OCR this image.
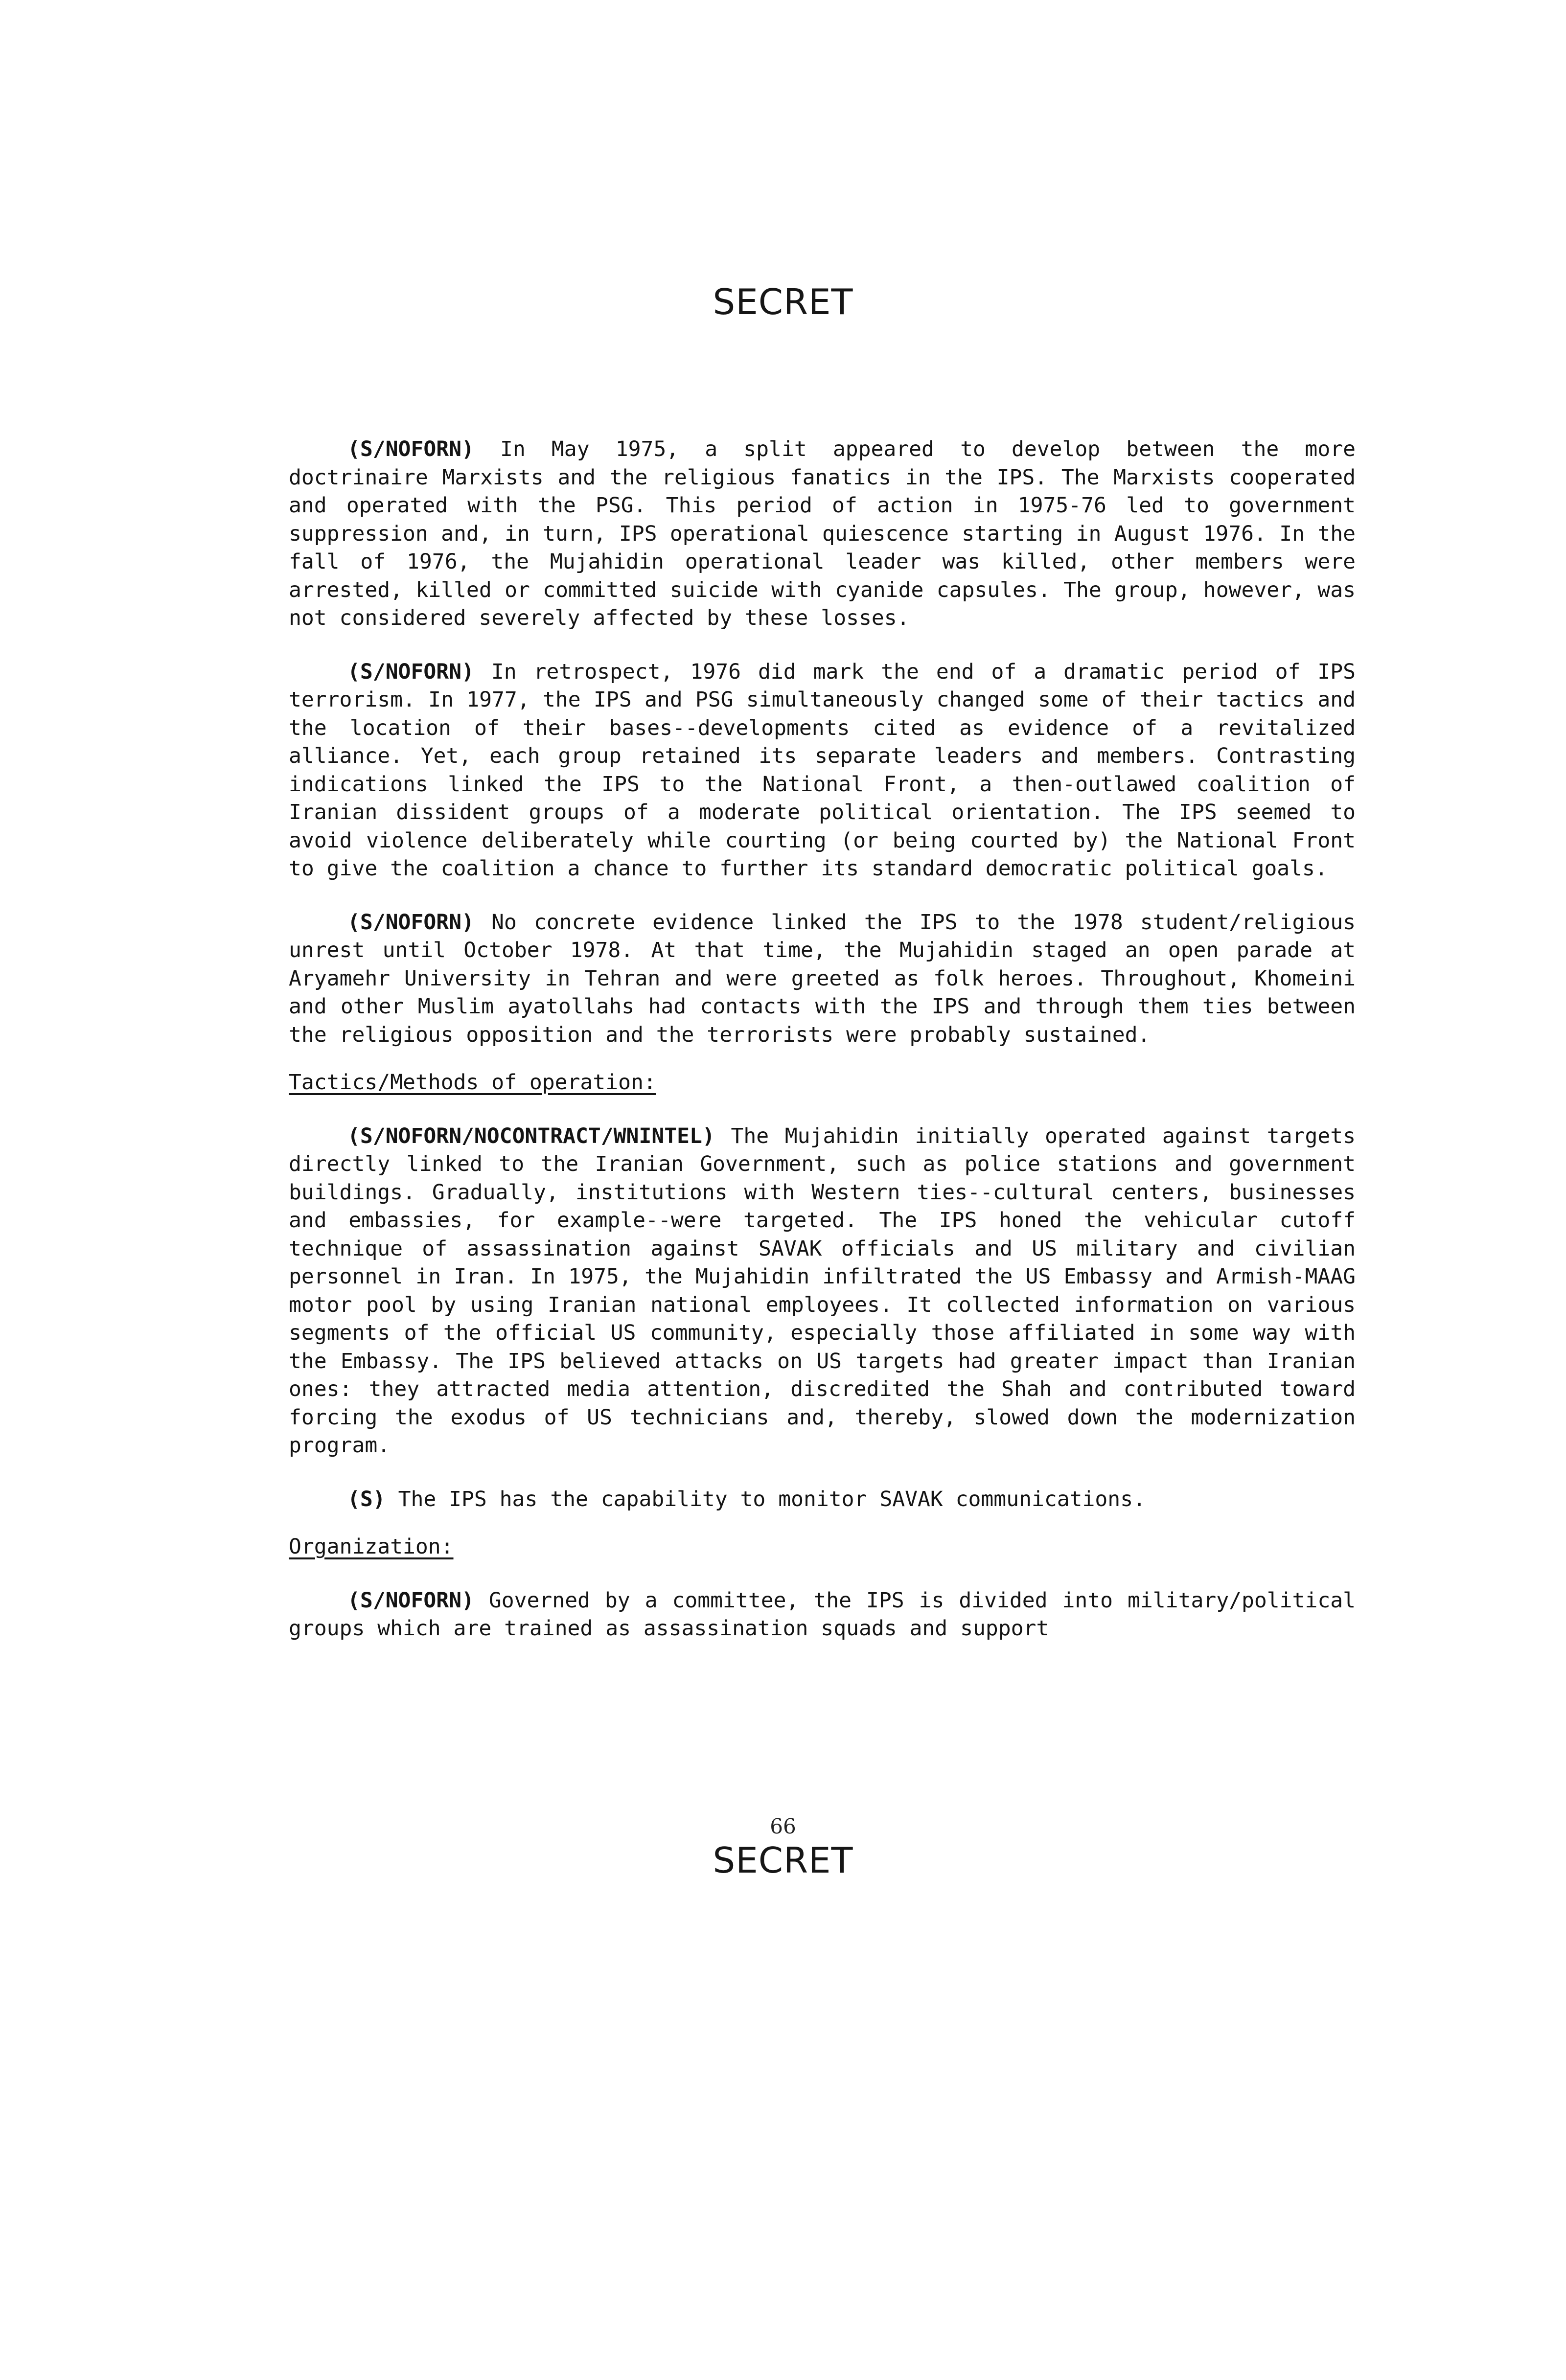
SECRET

(S/NOFORN) In May 1975, a split appeared to develop between the more doctrinaire Marxists and the religious fanatics in the IPS. The Marxists cooperated and operated with the PSG. This period of action in 1975-76 led to government suppression and, in turn, IPS operational quiescence starting in August 1976. In the fall of 1976, the Mujahidin operational leader was killed, other members were arrested, killed or committed suicide with cyanide capsules. The group, however, was not considered severely affected by these losses.

(S/NOFORN) In retrospect, 1976 did mark the end of a dramatic period of IPS terrorism. In 1977, the IPS and PSG simultaneously changed some of their tactics and the location of their bases--developments cited as evidence of a revitalized alliance. Yet, each group retained its separate leaders and members. Contrasting indications linked the IPS to the National Front, a then-outlawed coalition of Iranian dissident groups of a moderate political orientation. The IPS seemed to avoid violence deliberately while courting (or being courted by) the National Front to give the coalition a chance to further its standard democratic political goals.

(S/NOFORN) No concrete evidence linked the IPS to the 1978 student/religious unrest until October 1978. At that time, the Mujahidin staged an open parade at Aryamehr University in Tehran and were greeted as folk heroes. Throughout, Khomeini and other Muslim ayatollahs had contacts with the IPS and through them ties between the religious opposition and the terrorists were probably sustained.

Tactics/Methods of operation:

(S/NOFORN/NOCONTRACT/WNINTEL) The Mujahidin initially operated against targets directly linked to the Iranian Government, such as police stations and government buildings. Gradually, institutions with Western ties--cultural centers, businesses and embassies, for example--were targeted. The IPS honed the vehicular cutoff technique of assassination against SAVAK officials and US military and civilian personnel in Iran. In 1975, the Mujahidin infiltrated the US Embassy and Armish-MAAG motor pool by using Iranian national employees. It collected information on various segments of the official US community, especially those affiliated in some way with the Embassy. The IPS believed attacks on US targets had greater impact than Iranian ones: they attracted media attention, discredited the Shah and contributed toward forcing the exodus of US technicians and, thereby, slowed down the modernization program.

(S) The IPS has the capability to monitor SAVAK communications.

Organization:

(S/NOFORN) Governed by a committee, the IPS is divided into military/political groups which are trained as assassination squads and support

66
SECRET
